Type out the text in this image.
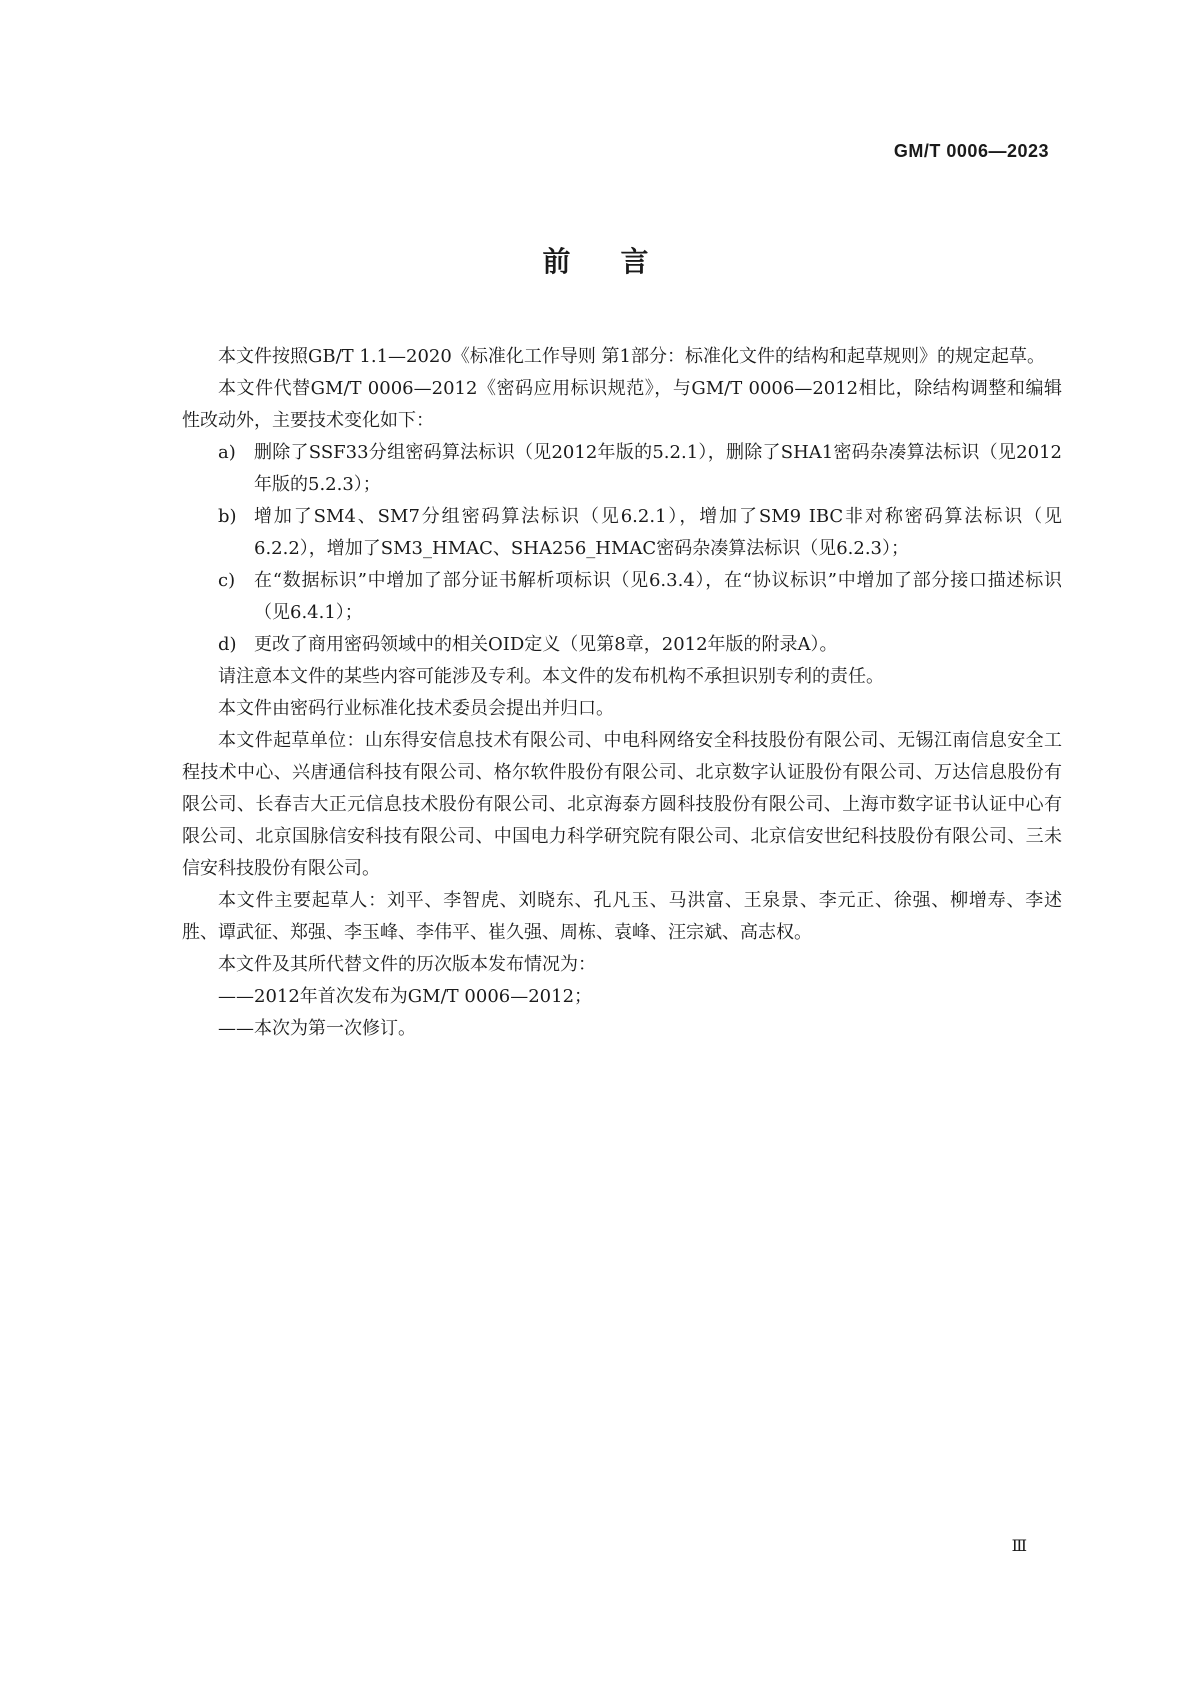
GM/T 0006—2023
前 言

本文件按照GB/T 1.1—2020《标准化工作导则 第1部分：标准化文件的结构和起草规则》的规定起草。

本文件代替GM/T 0006—2012《密码应用标识规范》，与GM/T 0006—2012相比，除结构调整和编辑性改动外，主要技术变化如下：

a)	删除了SSF33分组密码算法标识（见2012年版的5.2.1），删除了SHA1密码杂凑算法标识（见2012年版的5.2.3）；
b) 增加了SM4、SM7分组密码算法标识（见6.2.1），增加了SM9 IBC非对称密码算法标识（见6.2.2），增加了SM3_HMAC、SHA256_HMAC密码杂凑算法标识（见6.2.3）；
c)	在“数据标识”中增加了部分证书解析项标识（见6.3.4），在“协议标识”中增加了部分接口描述标识（见6.4.1）；
d) 更改了商用密码领域中的相关OID定义（见第8章，2012年版的附录A）。

请注意本文件的某些内容可能涉及专利。本文件的发布机构不承担识别专利的责任。

本文件由密码行业标准化技术委员会提出并归口。

本文件起草单位：山东得安信息技术有限公司、中电科网络安全科技股份有限公司、无锡江南信息安全工程技术中心、兴唐通信科技有限公司、格尔软件股份有限公司、北京数字认证股份有限公司、万达信息股份有限公司、长春吉大正元信息技术股份有限公司、北京海泰方圆科技股份有限公司、上海市数字证书认证中心有限公司、北京国脉信安科技有限公司、中国电力科学研究院有限公司、北京信安世纪科技股份有限公司、三未信安科技股份有限公司。

本文件主要起草人：刘平、李智虎、刘晓东、孔凡玉、马洪富、王泉景、李元正、徐强、柳增寿、李述胜、谭武征、郑强、李玉峰、李伟平、崔久强、周栋、袁峰、汪宗斌、高志权。

本文件及其所代替文件的历次版本发布情况为：

——2012年首次发布为GM/T 0006—2012；

——本次为第一次修订。

Ⅲ
